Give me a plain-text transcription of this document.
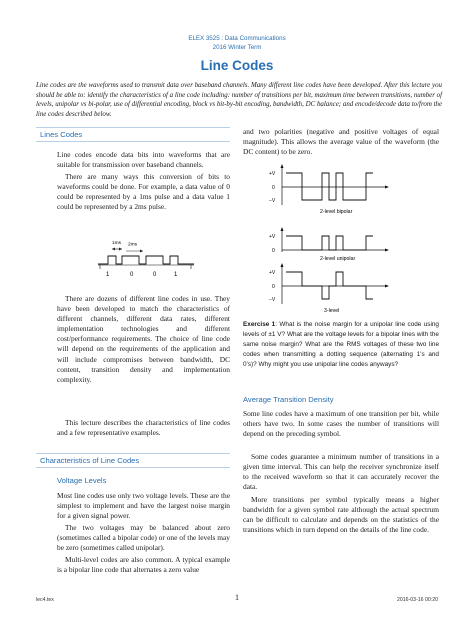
ELEX 3525 : Data Communications
2016 Winter Term
Line Codes
Line codes are the waveforms used to transmit data over baseband channels. Many different line codes have been developed. After this lecture you should be able to: identify the characteristics of a line code including: number of transitions per bit, maximum time between transitions, number of levels, unipolar vs bi-polar, use of differential encoding, block vs bit-by-bit encoding, bandwidth, DC balance; and encode/decode data to/from the line codes described below.
Lines Codes
Line codes encode data bits into waveforms that are suitable for transmission over baseband channels.
There are many ways this conversion of bits to waveforms could be done. For example, a data value of 0 could be represented by a 1ms pulse and a data value 1 could be represented by a 2ms pulse.
1ms 2ms
1	0	0	1
There are dozens of different line codes in use. They have been developed to match the characteristics of different channels, different data rates, different implementation technologies and different cost/performance requirements. The choice of line code will depend on the requirements of the application and will include compromises between bandwidth, DC content, transition density and implementation complexity.
This lecture describes the characteristics of line codes and a few representative examples.
Characteristics of Line Codes
Voltage Levels
Most line codes use only two voltage levels. These are the simplest to implement and have the largest noise margin for a given signal power.
The two voltages may be balanced about zero (sometimes called a bipolar code) or one of the levels may be zero (sometimes called unipolar).
Multi-level codes are also common. A typical example is a bipolar line code that alternates a zero value
and two polarities (negative and positive voltages of equal magnitude). This allows the average value of the waveform (the DC content) to be zero.
+V
0
−V
2-level bipolar
+V
0
2-level unipolar
+V
0
−V
3-level
Exercise 1: What is the noise margin for a unipolar line code using levels of ±1 V? What are the voltage levels for a bipolar lines with the same noise margin? What are the RMS voltages of these two line codes when transmitting a dotting sequence (alternating 1’s and 0’s)? Why might you use unipolar line codes anyways?
Average Transition Density
Some line codes have a maximum of one transition per bit, while others have two. In some cases the number of transitions will depend on the preceding symbol.
Some codes guarantee a minimum number of transitions in a given time interval. This can help the receiver synchronize itself to the received waveform so that it can accurately recover the data.
More transitions per symbol typically means a higher bandwidth for a given symbol rate although the actual spectrum can be difficult to calculate and depends on the statistics of the transitions which in turn depend on the details of the line code.
lec4.tex	1	2016-03-16 00:20
